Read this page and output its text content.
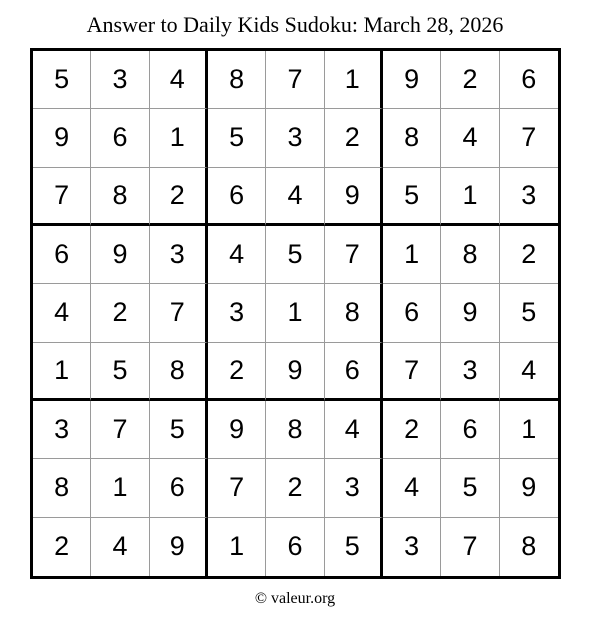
Answer to Daily Kids Sudoku: March 28, 2026
5	3	4	8	7	1	9	2	6
9	6	1	5	3	2	8	4	7
7	8	2	6	4	9	5	1	3
6	9	3	4	5	7	1	8	2
4	2	7	3	1	8	6	9	5
1	5	8	2	9	6	7	3	4
3	7	5	9	8	4	2	6	1
8	1	6	7	2	3	4	5	9
2	4	9	1	6	5	3	7	8
© valeur.org
